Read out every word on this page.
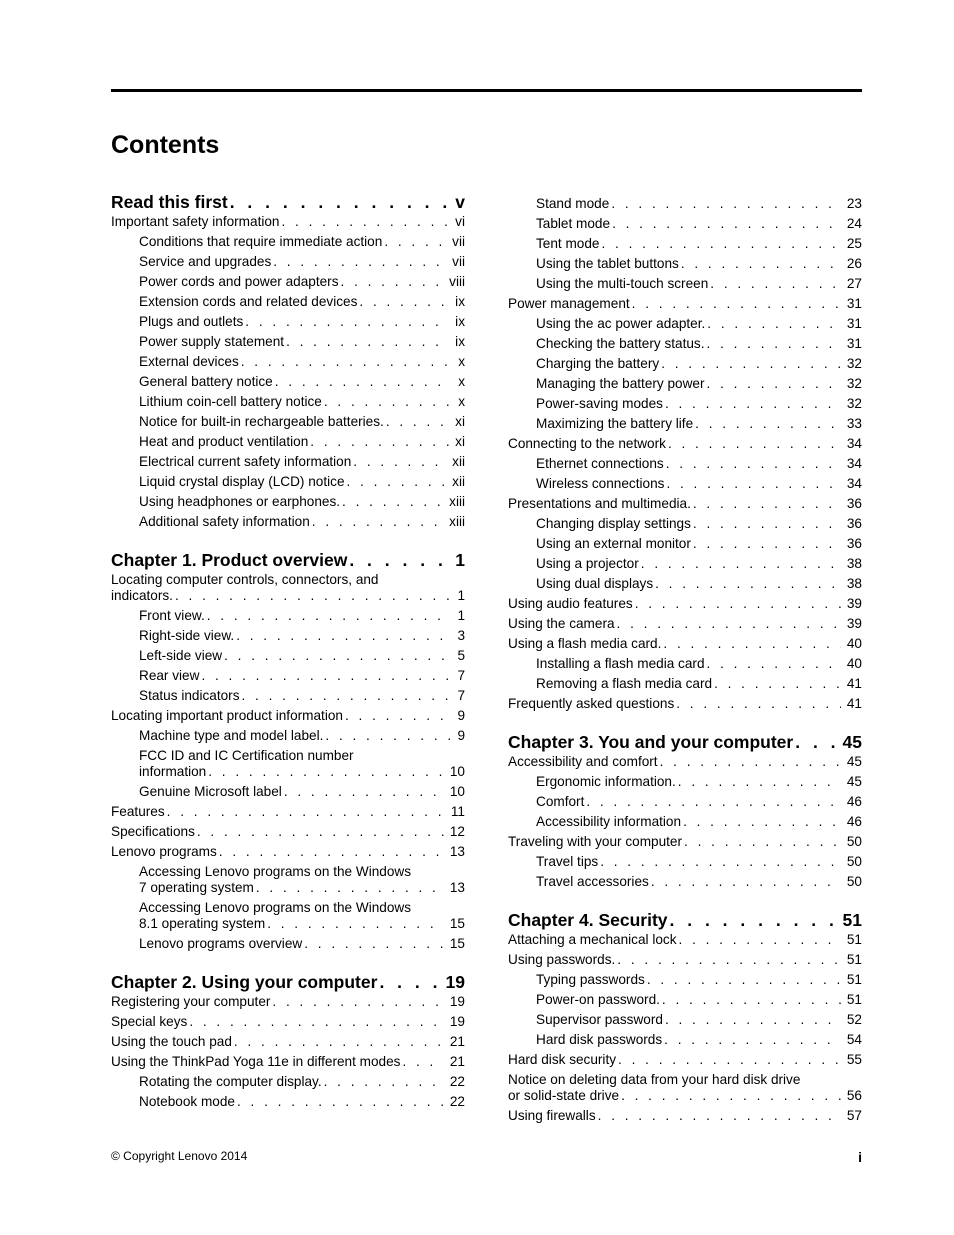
Contents
Read this first . . .	v
Important safety information . . .	vi
Conditions that require immediate action . . .	vii
Service and upgrades . . .	vii
Power cords and power adapters . . .	viii
Extension cords and related devices . . .	ix
Plugs and outlets . . .	ix
Power supply statement . . .	ix
External devices . . .	x
General battery notice . . .	x
Lithium coin-cell battery notice . . .	x
Notice for built-in rechargeable batteries. . . .	xi
Heat and product ventilation . . .	xi
Electrical current safety information . . .	xii
Liquid crystal display (LCD) notice . . .	xii
Using headphones or earphones. . . .	xiii
Additional safety information . . .	xiii
Chapter 1. Product overview . . .	1
Locating computer controls, connectors, and
indicators. . . .	1
Front view. . . .	1
Right-side view. . . .	3
Left-side view . . .	5
Rear view . . .	7
Status indicators . . .	7
Locating important product information . . .	9
Machine type and model label. . . .	9
FCC ID and IC Certification number
information . . .	10
Genuine Microsoft label . . .	10
Features . . .	11
Specifications . . .	12
Lenovo programs . . .	13
Accessing Lenovo programs on the Windows
7 operating system . . .	13
Accessing Lenovo programs on the Windows
8.1 operating system . . .	15
Lenovo programs overview . . .	15
Chapter 2. Using your computer . . .	19
Registering your computer . . .	19
Special keys . . .	19
Using the touch pad . . .	21
Using the ThinkPad Yoga 11e in different modes . . .	21
Rotating the computer display. . . .	22
Notebook mode . . .	22
Stand mode . . .	23
Tablet mode . . .	24
Tent mode . . .	25
Using the tablet buttons . . .	26
Using the multi-touch screen . . .	27
Power management . . .	31
Using the ac power adapter. . . .	31
Checking the battery status. . . .	31
Charging the battery . . .	32
Managing the battery power . . .	32
Power-saving modes . . .	32
Maximizing the battery life . . .	33
Connecting to the network . . .	34
Ethernet connections . . .	34
Wireless connections . . .	34
Presentations and multimedia. . . .	36
Changing display settings . . .	36
Using an external monitor . . .	36
Using a projector . . .	38
Using dual displays . . .	38
Using audio features . . .	39
Using the camera . . .	39
Using a flash media card. . . .	40
Installing a flash media card . . .	40
Removing a flash media card . . .	41
Frequently asked questions . . .	41
Chapter 3. You and your computer . . .	45
Accessibility and comfort . . .	45
Ergonomic information. . . .	45
Comfort . . .	46
Accessibility information . . .	46
Traveling with your computer . . .	50
Travel tips . . .	50
Travel accessories . . .	50
Chapter 4. Security . . .	51
Attaching a mechanical lock . . .	51
Using passwords. . . .	51
Typing passwords . . .	51
Power-on password. . . .	51
Supervisor password . . .	52
Hard disk passwords . . .	54
Hard disk security . . .	55
Notice on deleting data from your hard disk drive
or solid-state drive . . .	56
Using firewalls . . .	57
© Copyright Lenovo 2014	i
